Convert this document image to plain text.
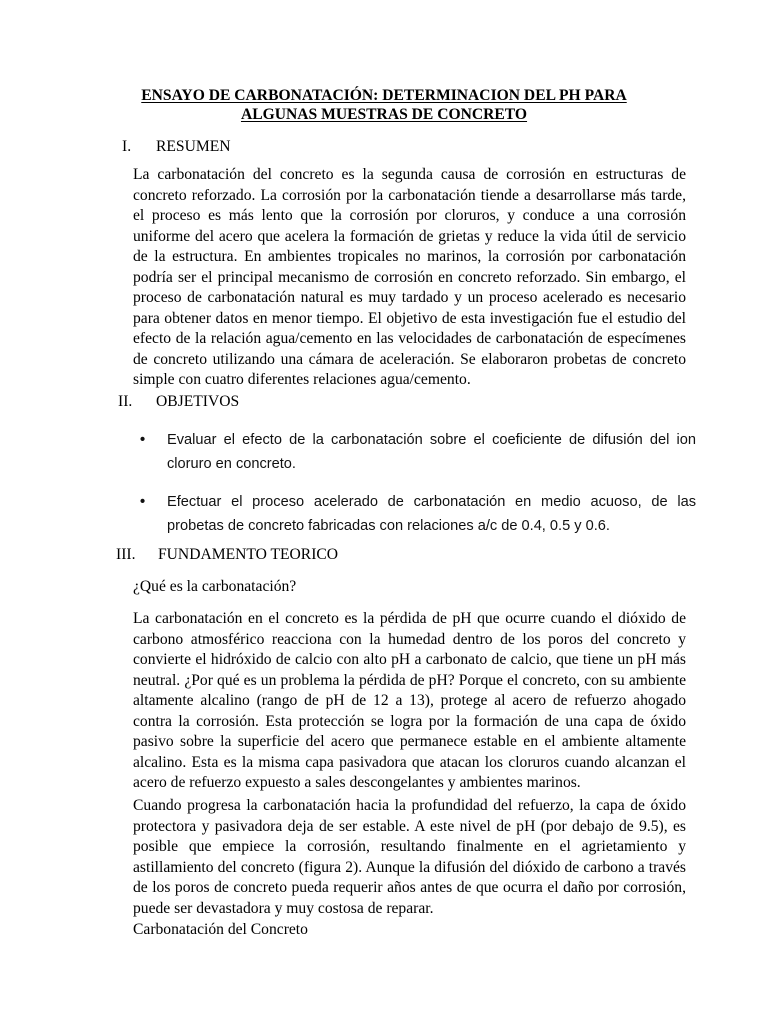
ENSAYO DE CARBONATACIÓN: DETERMINACION DEL PH PARA
ALGUNAS MUESTRAS DE CONCRETO
I. RESUMEN

La carbonatación del concreto es la segunda causa de corrosión en estructuras de concreto reforzado. La corrosión por la carbonatación tiende a desarrollarse más tarde, el proceso es más lento que la corrosión por cloruros, y conduce a una corrosión uniforme del acero que acelera la formación de grietas y reduce la vida útil de servicio de la estructura. En ambientes tropicales no marinos, la corrosión por carbonatación podría ser el principal mecanismo de corrosión en concreto reforzado. Sin embargo, el proceso de carbonatación natural es muy tardado y un proceso acelerado es necesario para obtener datos en menor tiempo. El objetivo de esta investigación fue el estudio del efecto de la relación agua/cemento en las velocidades de carbonatación de especímenes de concreto utilizando una cámara de aceleración. Se elaboraron probetas de concreto simple con cuatro diferentes relaciones agua/cemento.

II. OBJETIVOS
• Evaluar el efecto de la carbonatación sobre el coeficiente de difusión del ion cloruro en concreto.
• Efectuar el proceso acelerado de carbonatación en medio acuoso, de las probetas de concreto fabricadas con relaciones a/c de 0.4, 0.5 y 0.6.
III. FUNDAMENTO TEORICO
¿Qué es la carbonatación?

La carbonatación en el concreto es la pérdida de pH que ocurre cuando el dióxido de carbono atmosférico reacciona con la humedad dentro de los poros del concreto y convierte el hidróxido de calcio con alto pH a carbonato de calcio, que tiene un pH más neutral. ¿Por qué es un problema la pérdida de pH? Porque el concreto, con su ambiente altamente alcalino (rango de pH de 12 a 13), protege al acero de refuerzo ahogado contra la corrosión. Esta protección se logra por la formación de una capa de óxido pasivo sobre la superficie del acero que permanece estable en el ambiente altamente alcalino. Esta es la misma capa pasivadora que atacan los cloruros cuando alcanzan el acero de refuerzo expuesto a sales descongelantes y ambientes marinos.

Cuando progresa la carbonatación hacia la profundidad del refuerzo, la capa de óxido protectora y pasivadora deja de ser estable. A este nivel de pH (por debajo de 9.5), es posible que empiece la corrosión, resultando finalmente en el agrietamiento y astillamiento del concreto (figura 2). Aunque la difusión del dióxido de carbono a través de los poros de concreto pueda requerir años antes de que ocurra el daño por corrosión, puede ser devastadora y muy costosa de reparar.

Carbonatación del Concreto
